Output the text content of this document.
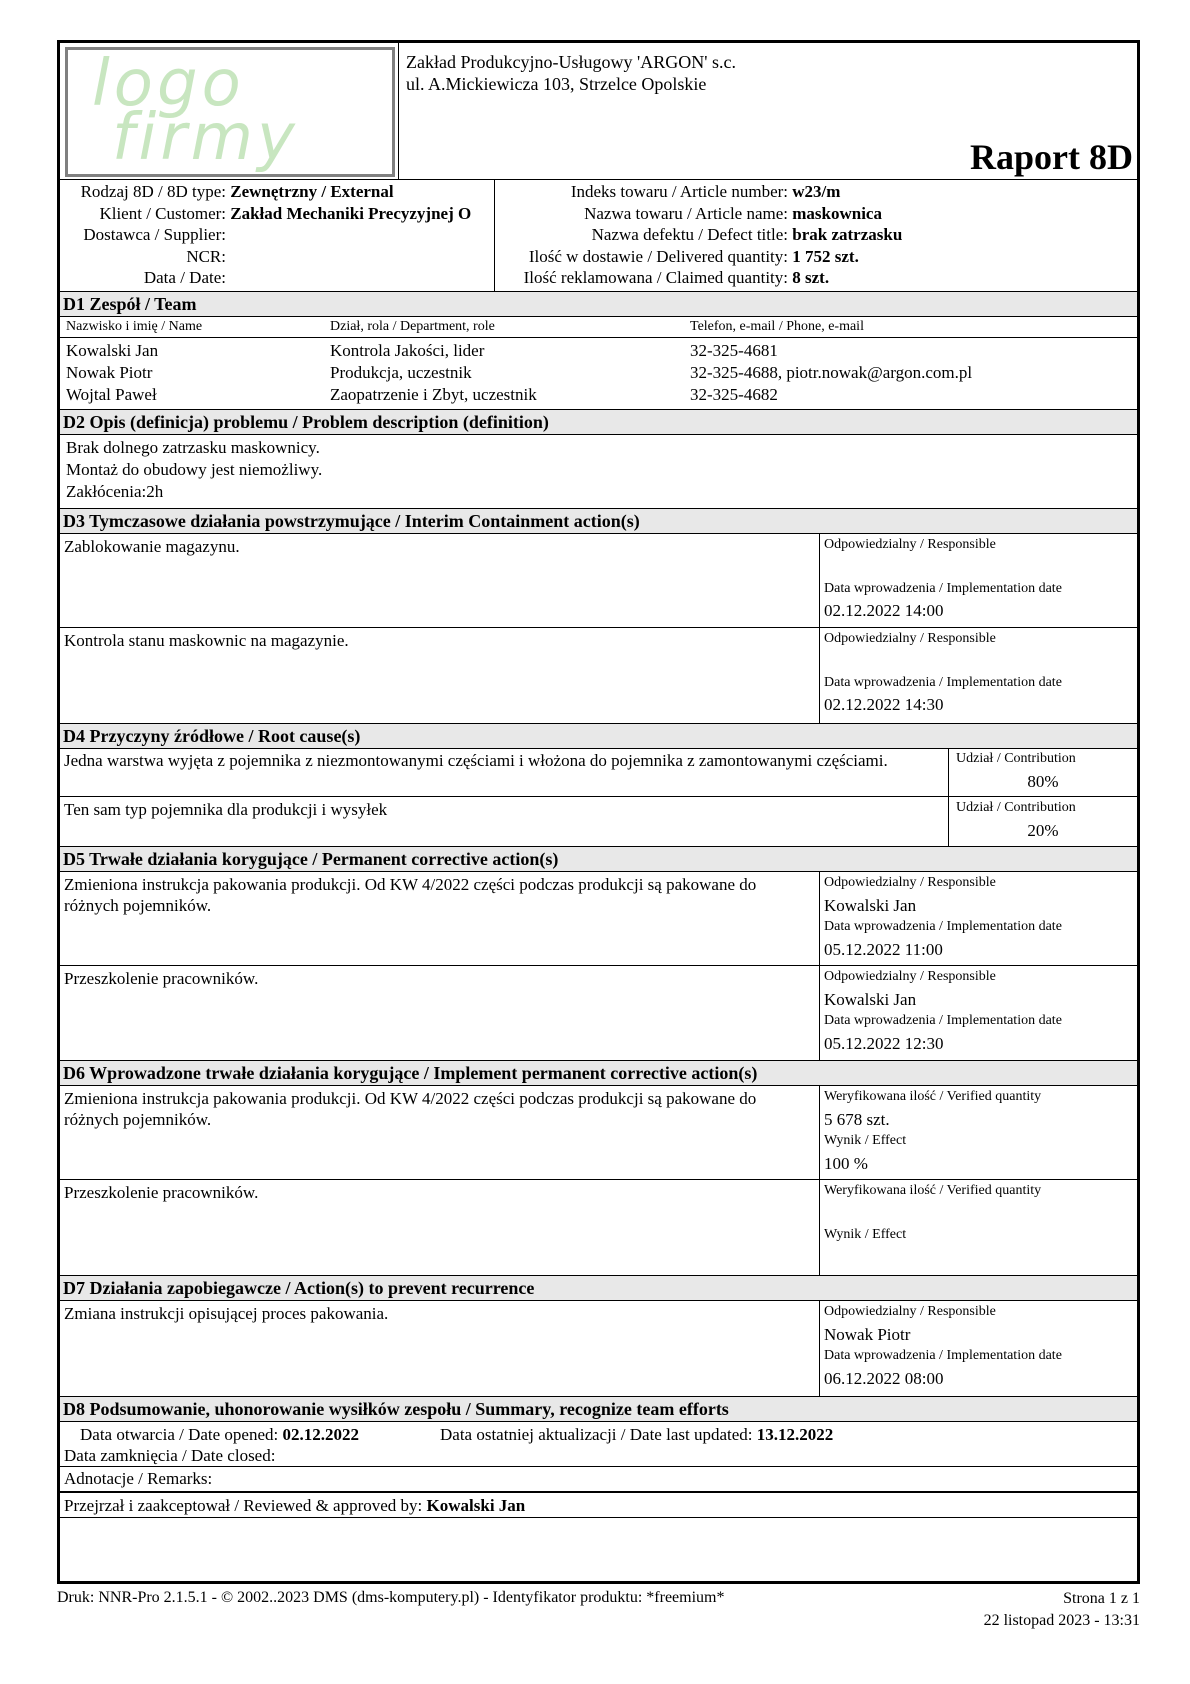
logo
firmy
Zakład Produkcyjno-Usługowy 'ARGON' s.c.
ul. A.Mickiewicza 103, Strzelce Opolskie
Raport 8D
Rodzaj 8D / 8D type: Zewnętrzny / External
Klient / Customer: Zakład Mechaniki Precyzyjnej O
Dostawca / Supplier:
NCR:
Data / Date:
Indeks towaru / Article number: w23/m
Nazwa towaru / Article name: maskownica
Nazwa defektu / Defect title: brak zatrzasku
Ilość w dostawie / Delivered quantity: 1 752 szt.
Ilość reklamowana / Claimed quantity: 8 szt.
D1 Zespół / Team
Nazwisko i imię / Name	Dział, rola / Department, role	Telefon, e-mail / Phone, e-mail
Kowalski Jan	Kontrola Jakości, lider	32-325-4681
Nowak Piotr	Produkcja, uczestnik	32-325-4688, piotr.nowak@argon.com.pl
Wojtal Paweł	Zaopatrzenie i Zbyt, uczestnik	32-325-4682
D2 Opis (definicja) problemu / Problem description (definition)
Brak dolnego zatrzasku maskownicy.
Montaż do obudowy jest niemożliwy.
Zakłócenia:2h
D3 Tymczasowe działania powstrzymujące / Interim Containment action(s)
Zablokowanie magazynu.	Odpowiedzialny / Responsible
Data wprowadzenia / Implementation date
02.12.2022 14:00
Kontrola stanu maskownic na magazynie.	Odpowiedzialny / Responsible
Data wprowadzenia / Implementation date
02.12.2022 14:30
D4 Przyczyny źródłowe / Root cause(s)
Jedna warstwa wyjęta z pojemnika z niezmontowanymi częściami i włożona do pojemnika z zamontowanymi częściami.	Udział / Contribution
80%
Ten sam typ pojemnika dla produkcji i wysyłek	Udział / Contribution
20%
D5 Trwałe działania korygujące / Permanent corrective action(s)
Zmieniona instrukcja pakowania produkcji. Od KW 4/2022 części podczas produkcji są pakowane do różnych pojemników.
Odpowiedzialny / Responsible
Kowalski Jan
Data wprowadzenia / Implementation date
05.12.2022 11:00
Przeszkolenie pracowników.	Odpowiedzialny / Responsible
Kowalski Jan
Data wprowadzenia / Implementation date
05.12.2022 12:30
D6 Wprowadzone trwałe działania korygujące / Implement permanent corrective action(s)
Zmieniona instrukcja pakowania produkcji. Od KW 4/2022 części podczas produkcji są pakowane do różnych pojemników.
Weryfikowana ilość / Verified quantity
5 678 szt.
Wynik / Effect
100 %
Przeszkolenie pracowników.	Weryfikowana ilość / Verified quantity
Wynik / Effect
D7 Działania zapobiegawcze / Action(s) to prevent recurrence
Zmiana instrukcji opisującej proces pakowania.	Odpowiedzialny / Responsible
Nowak Piotr
Data wprowadzenia / Implementation date
06.12.2022 08:00
D8 Podsumowanie, uhonorowanie wysiłków zespołu / Summary, recognize team efforts
Data otwarcia / Date opened: 02.12.2022	Data ostatniej aktualizacji / Date last updated: 13.12.2022
Data zamknięcia / Date closed:
Adnotacje / Remarks:
Przejrzał i zaakceptował / Reviewed & approved by: Kowalski Jan
Druk: NNR-Pro 2.1.5.1 - © 2002..2023 DMS (dms-komputery.pl) - Identyfikator produktu: *freemium*	Strona 1 z 1
22 listopad 2023 - 13:31
